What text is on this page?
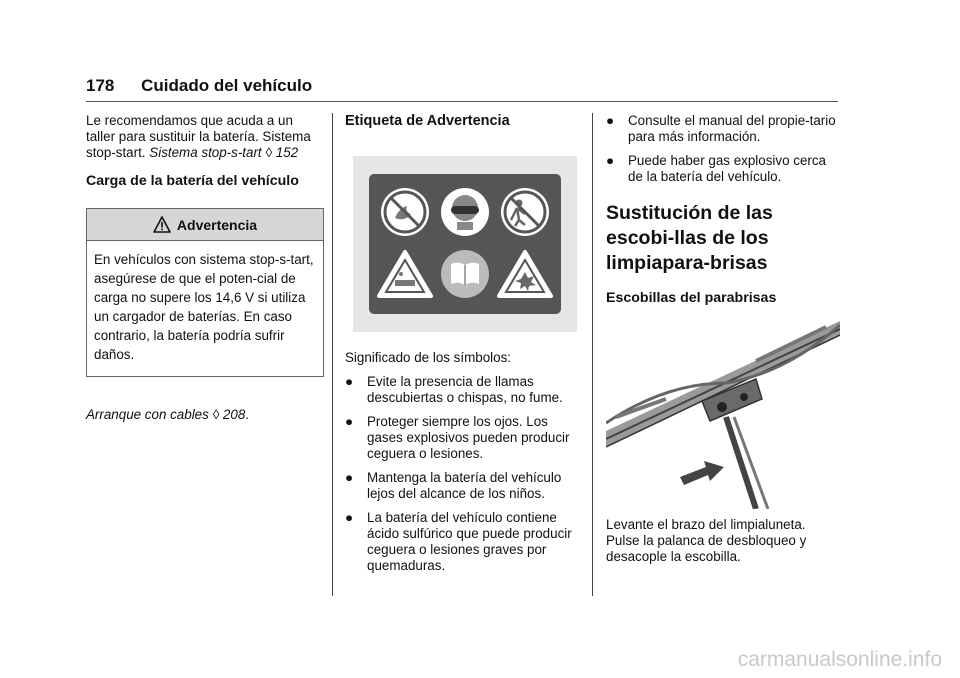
178 Cuidado del vehículo

Le recomendamos que acuda a un taller para sustituir la batería. Sistema stop-start. Sistema stop-s-tart ◊ 152

Carga de la batería del vehículo

Advertencia
En vehículos con sistema stop-s-tart, asegúrese de que el poten-cial de carga no supere los 14,6 V si utiliza un cargador de baterías. En caso contrario, la batería podría sufrir daños.

Arranque con cables ◊ 208.

Etiqueta de Advertencia

Significado de los símbolos:

● Evite la presencia de llamas descubiertas o chispas, no fume.
● Proteger siempre los ojos. Los gases explosivos pueden producir ceguera o lesiones.
● Mantenga la batería del vehículo lejos del alcance de los niños.
● La batería del vehículo contiene ácido sulfúrico que puede producir ceguera o lesiones graves por quemaduras.
● Consulte el manual del propie-tario para más información.
● Puede haber gas explosivo cerca de la batería del vehículo.

Sustitución de las escobi-llas de los limpiapara-brisas

Escobillas del parabrisas

Levante el brazo del limpialuneta. Pulse la palanca de desbloqueo y desacople la escobilla.

carmanualsonline.info
